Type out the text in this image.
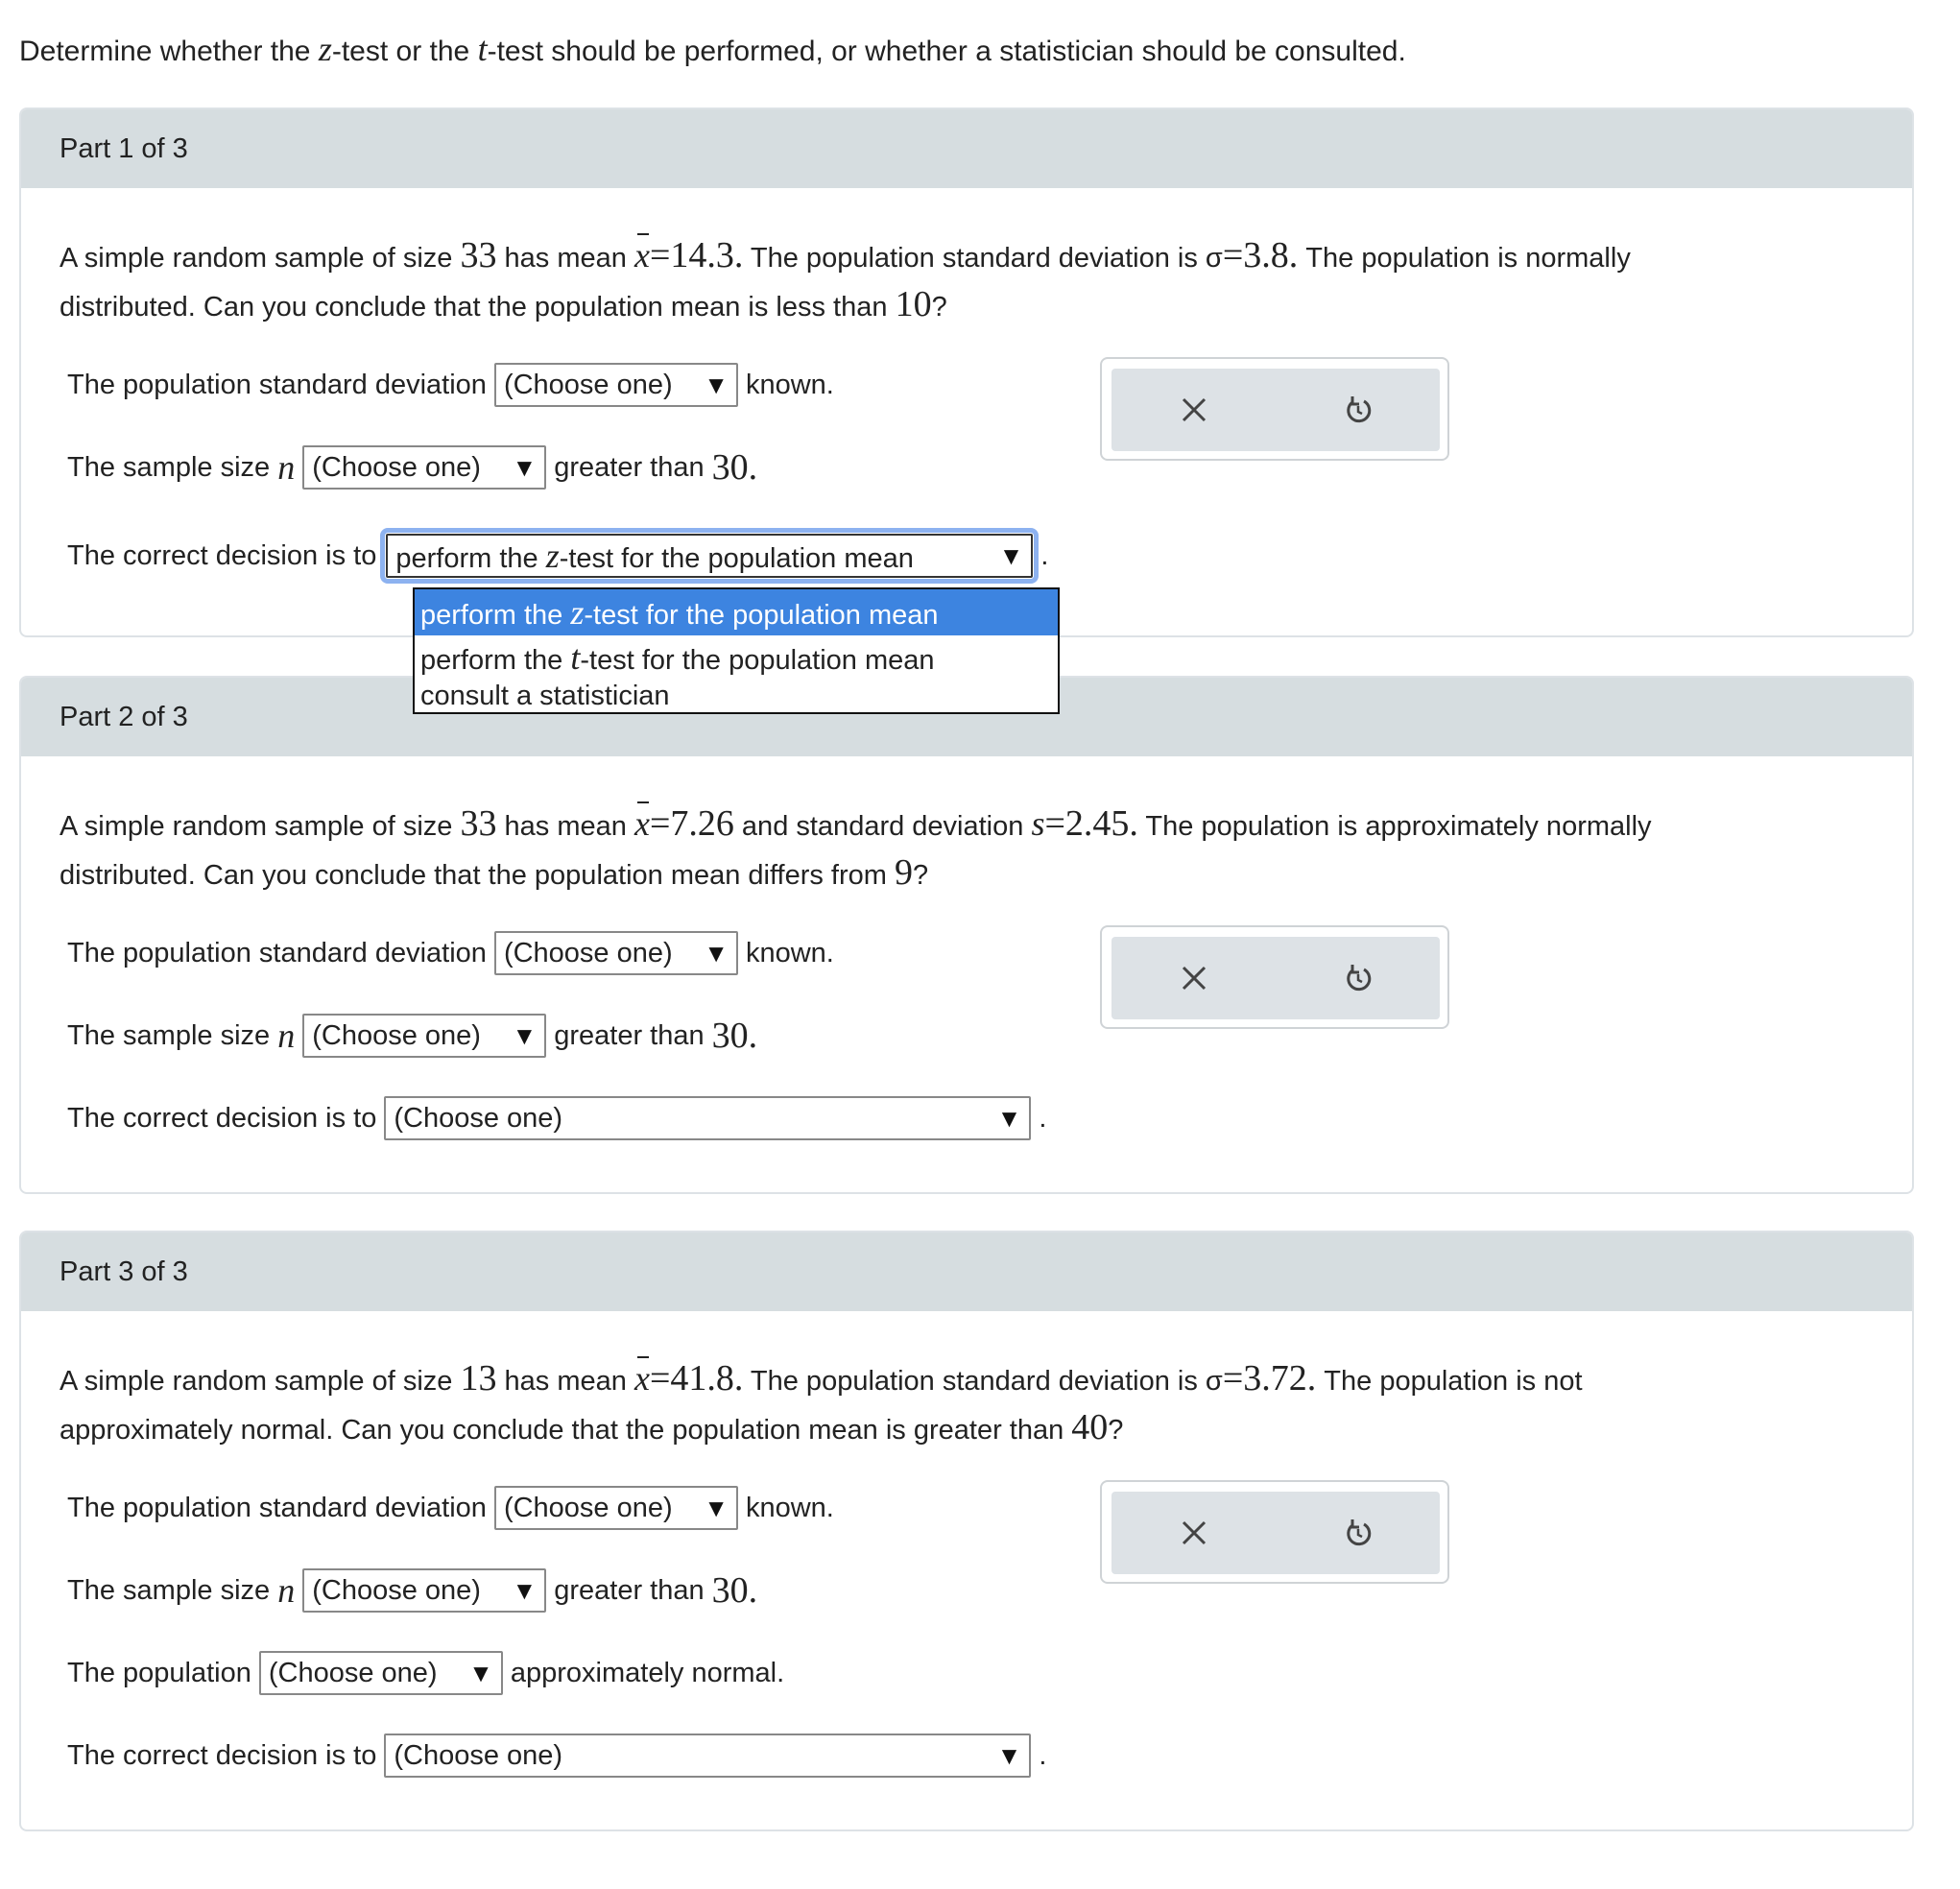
Determine whether the z-test or the t-test should be performed, or whether a statistician should be consulted.
Part 1 of 3
A simple random sample of size 33 has mean x=14.3. The population standard deviation is σ=3.8. The population is normally
distributed. Can you conclude that the population mean is less than 10?
The population standard deviation (Choose one) ▼ known.
The sample size
n (Choose one) ▼ greater than
30.
The correct decision is to perform the z-test for the population mean	▼ .
perform the z-test for the population mean
perform the t-test for the population mean
consult a statistician
Part 2 of 3
A simple random sample of size 33 has mean x=7.26 and standard deviation s=2.45. The population is approximately normally
distributed. Can you conclude that the population mean differs from 9?
The population standard deviation (Choose one) ▼ known.
The sample size
n (Choose one) ▼ greater than
30.
The correct decision is to (Choose one)	▼ .
Part 3 of 3
A simple random sample of size 13 has mean x=41.8. The population standard deviation is σ=3.72. The population is not
approximately normal. Can you conclude that the population mean is greater than 40?
The population standard deviation (Choose one) ▼ known.
The sample size
n (Choose one) ▼ greater than
30.
The population (Choose one) ▼ approximately normal.
The correct decision is to (Choose one)	▼ .
